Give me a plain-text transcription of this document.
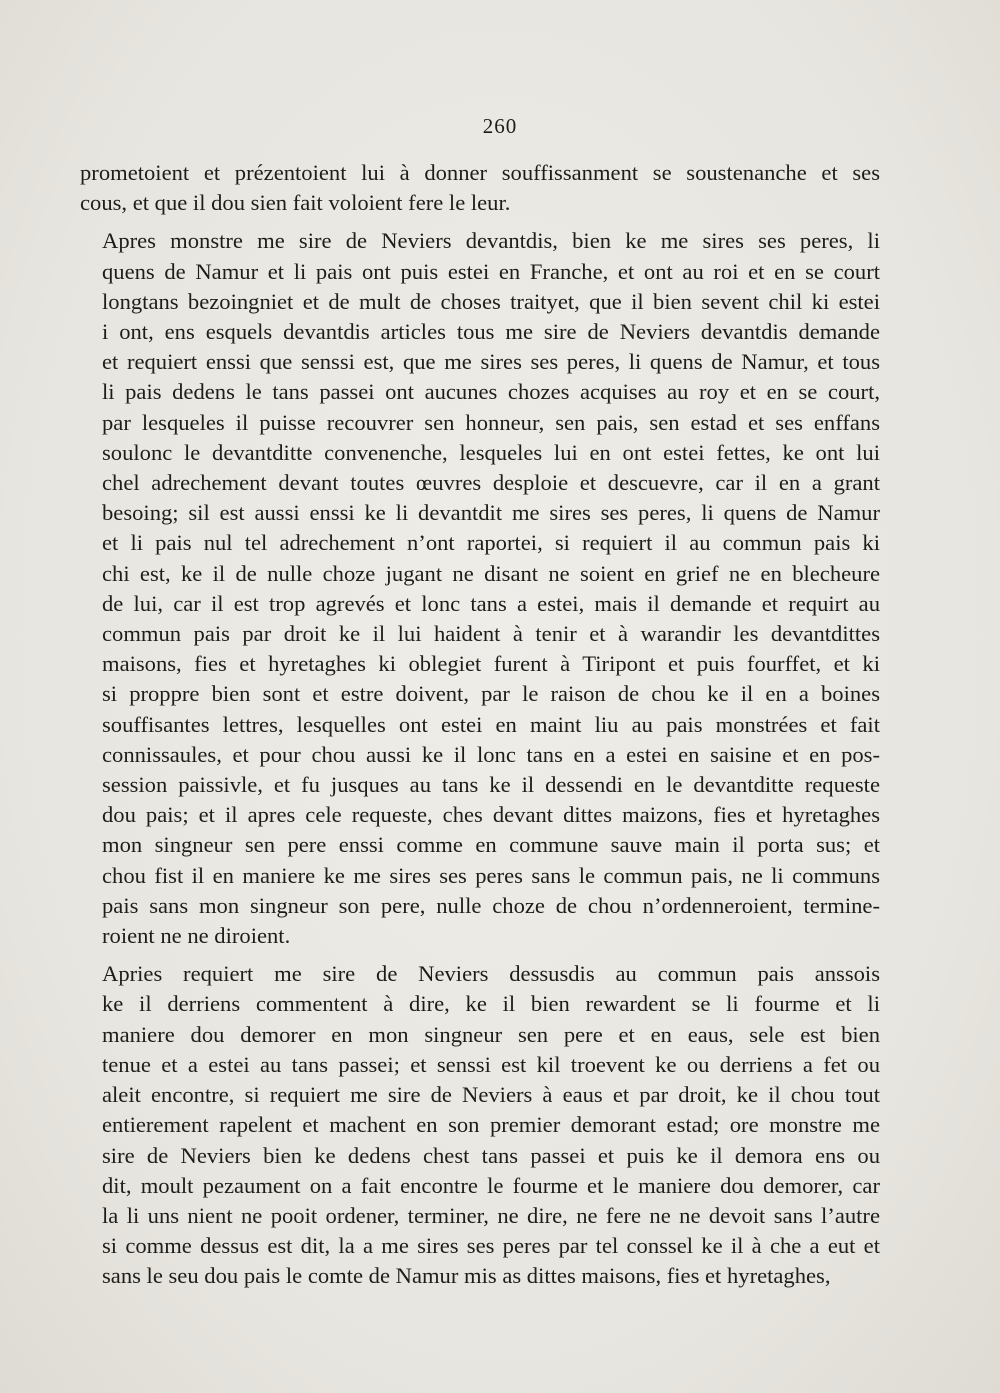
260

prometoient et prézentoient lui à donner souffissanment se soustenanche et ses
cous, et que il dou sien fait voloient fere le leur.

Apres monstre me sire de Neviers devantdis, bien ke me sires ses peres, li
quens de Namur et li pais ont puis estei en Franche, et ont au roi et en se court
longtans bezoingniet et de mult de choses traityet, que il bien sevent chil ki estei
i ont, ens esquels devantdis articles tous me sire de Neviers devantdis demande
et requiert enssi que senssi est, que me sires ses peres, li quens de Namur, et tous
li pais dedens le tans passei ont aucunes chozes acquises au roy et en se court,
par lesqueles il puisse recouvrer sen honneur, sen pais, sen estad et ses enffans
soulonc le devantditte convenenche, lesqueles lui en ont estei fettes, ke ont lui
chel adrechement devant toutes œuvres desploie et descuevre, car il en a grant
besoing; sil est aussi enssi ke li devantdit me sires ses peres, li quens de Namur
et li pais nul tel adrechement n’ont raportei, si requiert il au commun pais ki
chi est, ke il de nulle choze jugant ne disant ne soient en grief ne en blecheure
de lui, car il est trop agrevés et lonc tans a estei, mais il demande et requirt au
commun pais par droit ke il lui haident à tenir et à warandir les devantdittes
maisons, fies et hyretaghes ki oblegiet furent à Tiripont et puis fourffet, et ki
si proppre bien sont et estre doivent, par le raison de chou ke il en a boines
souffisantes lettres, lesquelles ont estei en maint liu au pais monstrées et fait
connissaules, et pour chou aussi ke il lonc tans en a estei en saisine et en pos-
session paissivle, et fu jusques au tans ke il dessendi en le devantditte requeste
dou pais; et il apres cele requeste, ches devant dittes maizons, fies et hyretaghes
mon singneur sen pere enssi comme en commune sauve main il porta sus; et
chou fist il en maniere ke me sires ses peres sans le commun pais, ne li communs
pais sans mon singneur son pere, nulle choze de chou n’ordenneroient, termine-
roient ne ne diroient.

Apries requiert me sire de Neviers dessusdis au commun pais anssois
ke il derriens commentent à dire, ke il bien rewardent se li fourme et li
maniere dou demorer en mon singneur sen pere et en eaus, sele est bien
tenue et a estei au tans passei; et senssi est kil troevent ke ou derriens a fet ou
aleit encontre, si requiert me sire de Neviers à eaus et par droit, ke il chou tout
entierement rapelent et machent en son premier demorant estad; ore monstre me
sire de Neviers bien ke dedens chest tans passei et puis ke il demora ens ou
dit, moult pezaument on a fait encontre le fourme et le maniere dou demorer, car
la li uns nient ne pooit ordener, terminer, ne dire, ne fere ne ne devoit sans l’autre
si comme dessus est dit, la a me sires ses peres par tel conssel ke il à che a eut et
sans le seu dou pais le comte de Namur mis as dittes maisons, fies et hyretaghes,
